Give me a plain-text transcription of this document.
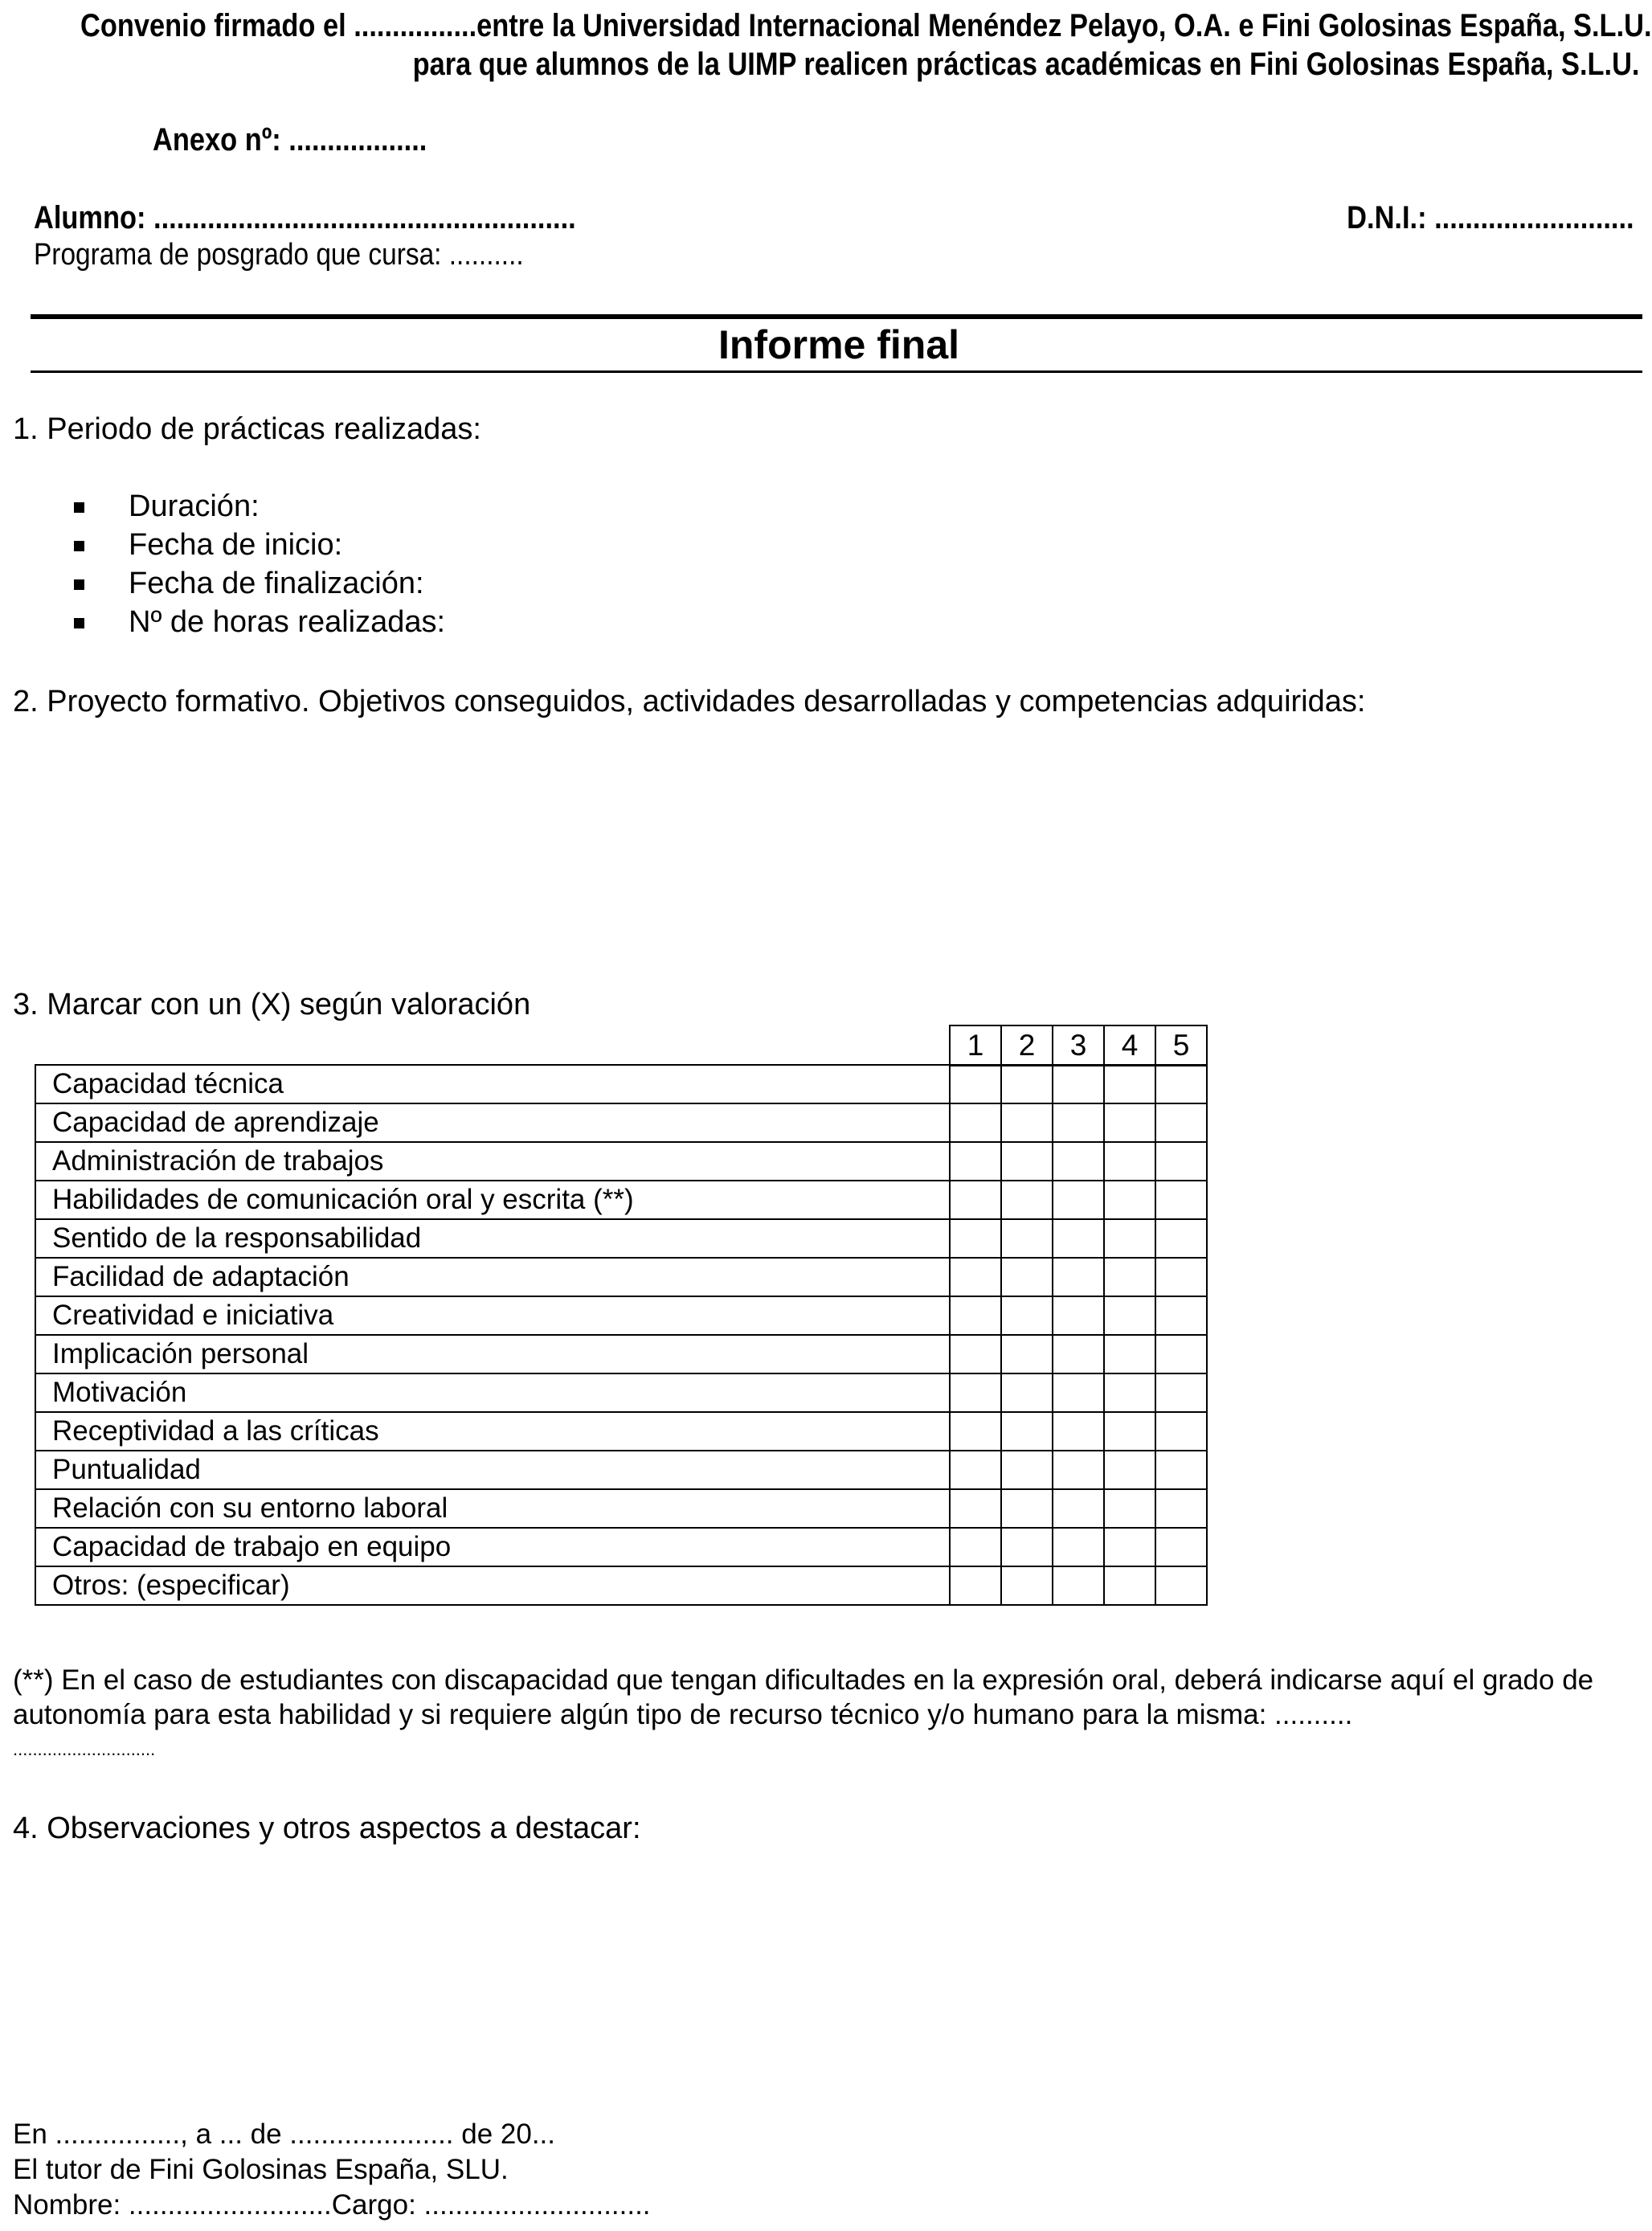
Convenio firmado el ................entre la Universidad Internacional Menéndez Pelayo, O.A. e Fini Golosinas España, S.L.U.
para que alumnos de la UIMP realicen prácticas académicas en Fini Golosinas España, S.L.U.
Anexo nº: ..................
Alumno: .......................................................	D.N.I.: ..........................
Programa de posgrado que cursa: ..........
Informe final
1. Periodo de prácticas realizadas:
Duración:
Fecha de inicio:
Fecha de finalización:
Nº de horas realizadas:
2. Proyecto formativo. Objetivos conseguidos, actividades desarrolladas y competencias adquiridas:
3. Marcar con un (X) según valoración
1	2	3	4	5
Capacidad técnica					
Capacidad de aprendizaje					
Administración de trabajos					
Habilidades de comunicación oral y escrita (**)					
Sentido de la responsabilidad					
Facilidad de adaptación					
Creatividad e iniciativa					
Implicación personal					
Motivación					
Receptividad a las críticas					
Puntualidad					
Relación con su entorno laboral					
Capacidad de trabajo en equipo					
Otros: (especificar)					
(**) En el caso de estudiantes con discapacidad que tengan dificultades en la expresión oral, deberá indicarse aquí el grado de
autonomía para esta habilidad y si requiere algún tipo de recurso técnico y/o humano para la misma: ..........
.............................
4. Observaciones y otros aspectos a destacar:
En ................, a ... de ..................... de 20...
El tutor de Fini Golosinas España, SLU.
Nombre: ..........................Cargo: .............................
